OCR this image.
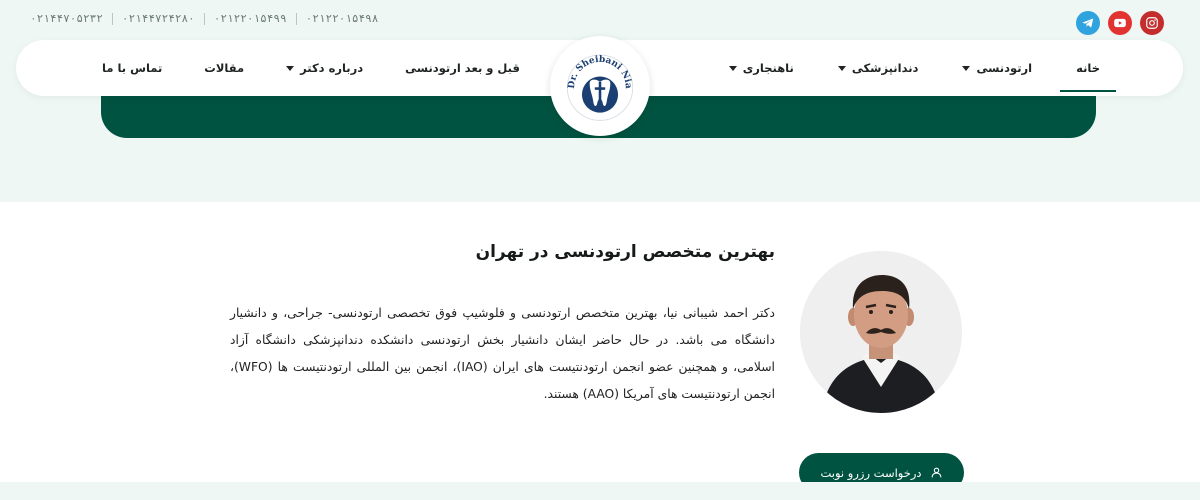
۰۲۱۴۴۷۰۵۲۳۲ ۰۲۱۴۴۷۲۴۲۸۰ ۰۲۱۲۲۰۱۵۴۹۹ ۰۲۱۲۲۰۱۵۴۹۸
خانه
ارتودنسی
دندانپزشکی
ناهنجاری
قبل و بعد ارتودنسی
درباره دکتر
مقالات
تماس با ما
Dr. Sheibani Nia
بهترین متخصص ارتودنسی در تهران

دکتر احمد شیبانی نیا، بهترین متخصص ارتودنسی و فلوشیپ فوق تخصصی ارتودنسی- جراحی، و دانشیار دانشگاه می باشد. در حال حاضر ایشان دانشیار بخش ارتودنسی دانشکده دندانپزشکی دانشگاه آزاد اسلامی، و همچنین عضو انجمن ارتودنتیست های ایران (IAO)، انجمن بین المللی ارتودنتیست ها (WFO)، انجمن ارتودنتیست های آمریکا (AAO) هستند.

درخواست رزرو نوبت
